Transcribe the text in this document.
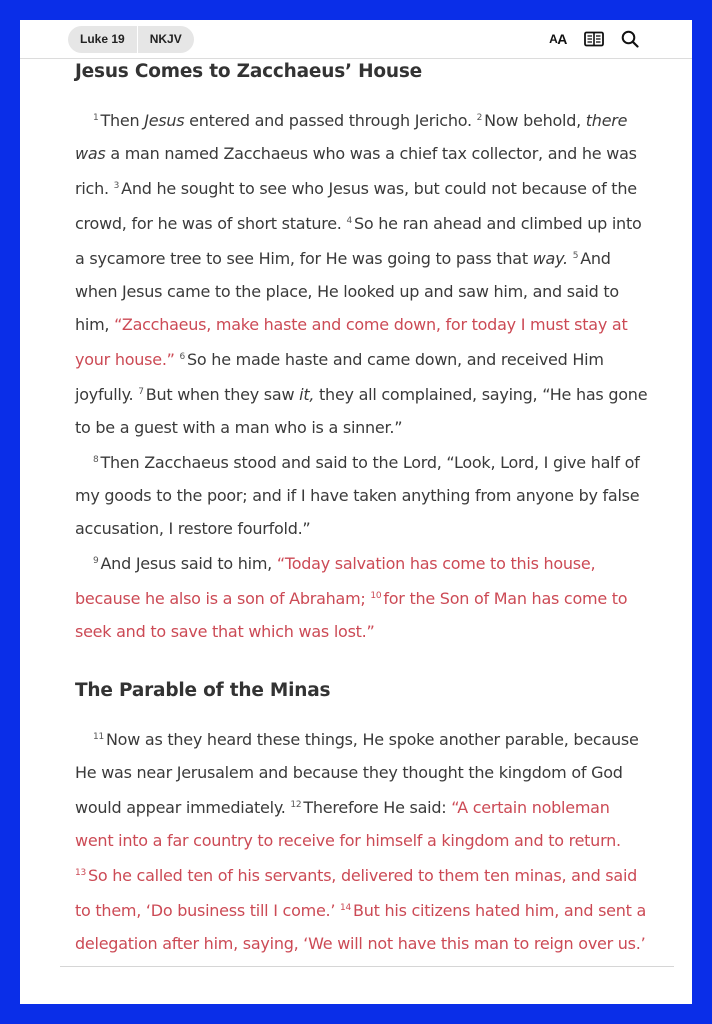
Luke 19	NKJV	A A
Jesus Comes to Zacchaeus’ House

$^1$ Then Jesus entered and passed through Jericho. $^2$ Now behold, there was a man named Zacchaeus who was a chief tax collector, and he was rich. $^3$ And he sought to see who Jesus was, but could not because of the crowd, for he was of short stature. $^4$ So he ran ahead and climbed up into a sycamore tree to see Him, for He was going to pass that way. $^5$ And when Jesus came to the place, He looked up and saw him, and said to him, “Zacchaeus, make haste and come down, for today I must stay at your house.” $^6$ So he made haste and came down, and received Him joyfully. $^7$ But when they saw it, they all complained, saying, “He has gone to be a guest with a man who is a sinner.”

$^8$ Then Zacchaeus stood and said to the Lord, “Look, Lord, I give half of my goods to the poor; and if I have taken anything from anyone by false accusation, I restore fourfold.”

$^9$ And Jesus said to him, “Today salvation has come to this house, because he also is a son of Abraham; $^{10}$ for the Son of Man has come to seek and to save that which was lost.”

The Parable of the Minas

$^{11}$ Now as they heard these things, He spoke another parable, because He was near Jerusalem and because they thought the kingdom of God would appear immediately. $^{12}$ Therefore He said: “A certain nobleman went into a far country to receive for himself a kingdom and to return. $^{13}$ So he called ten of his servants, delivered to them ten minas, and said to them, ‘Do business till I come.’ $^{14}$ But his citizens hated him, and sent a delegation after him, saying, ‘We will not have this man to reign over us.’
